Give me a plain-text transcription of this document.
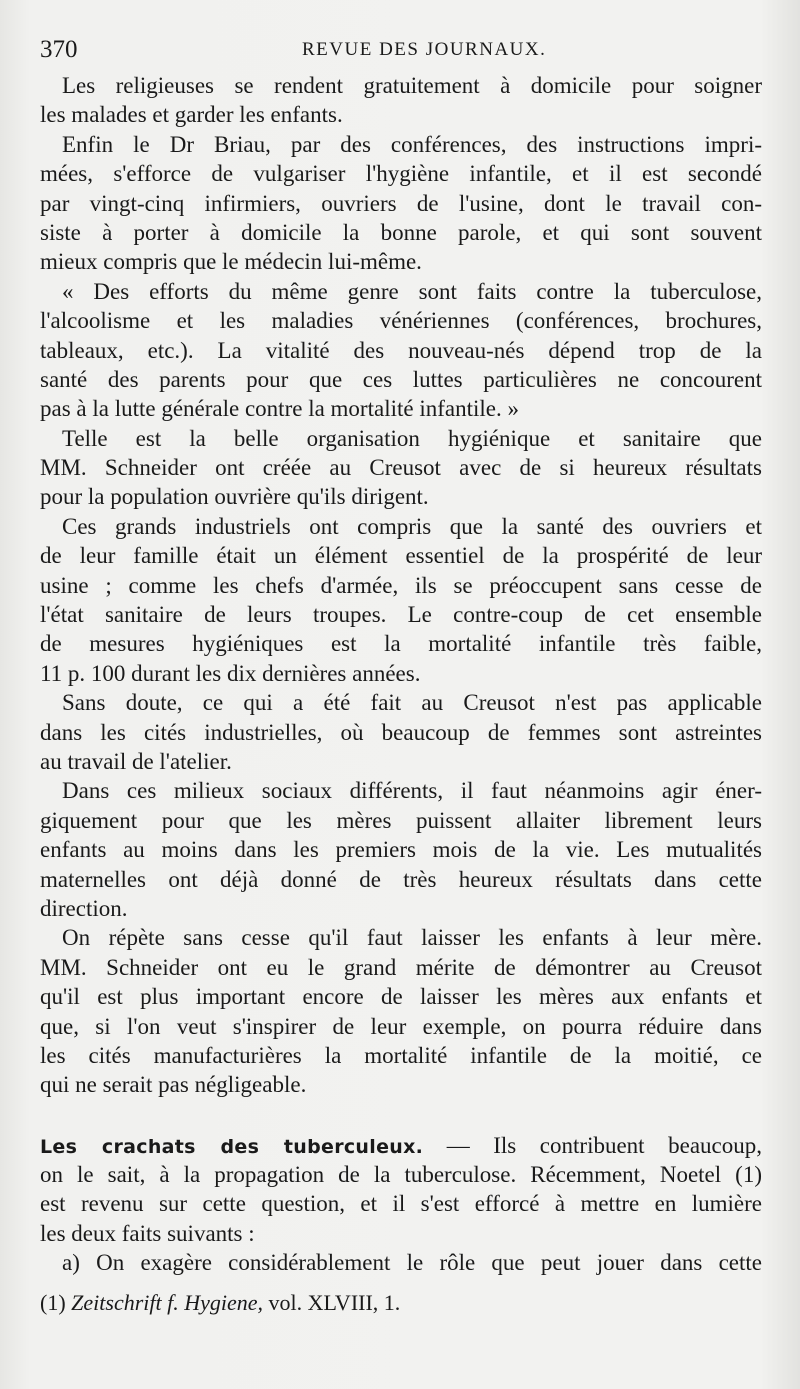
370	REVUE DES JOURNAUX.
Les religieuses se rendent gratuitement à domicile pour soigner
les malades et garder les enfants.
Enfin le Dr Briau, par des conférences, des instructions impri-
mées, s'efforce de vulgariser l'hygiène infantile, et il est secondé
par vingt-cinq infirmiers, ouvriers de l'usine, dont le travail con-
siste à porter à domicile la bonne parole, et qui sont souvent
mieux compris que le médecin lui-même.
« Des efforts du même genre sont faits contre la tuberculose,
l'alcoolisme et les maladies vénériennes (conférences, brochures,
tableaux, etc.). La vitalité des nouveau-nés dépend trop de la
santé des parents pour que ces luttes particulières ne concourent
pas à la lutte générale contre la mortalité infantile. »
Telle est la belle organisation hygiénique et sanitaire que
MM. Schneider ont créée au Creusot avec de si heureux résultats
pour la population ouvrière qu'ils dirigent.
Ces grands industriels ont compris que la santé des ouvriers et
de leur famille était un élément essentiel de la prospérité de leur
usine ; comme les chefs d'armée, ils se préoccupent sans cesse de
l'état sanitaire de leurs troupes. Le contre-coup de cet ensemble
de mesures hygiéniques est la mortalité infantile très faible,
11 p. 100 durant les dix dernières années.
Sans doute, ce qui a été fait au Creusot n'est pas applicable
dans les cités industrielles, où beaucoup de femmes sont astreintes
au travail de l'atelier.
Dans ces milieux sociaux différents, il faut néanmoins agir éner-
giquement pour que les mères puissent allaiter librement leurs
enfants au moins dans les premiers mois de la vie. Les mutualités
maternelles ont déjà donné de très heureux résultats dans cette
direction.
On répète sans cesse qu'il faut laisser les enfants à leur mère.
MM. Schneider ont eu le grand mérite de démontrer au Creusot
qu'il est plus important encore de laisser les mères aux enfants et
que, si l'on veut s'inspirer de leur exemple, on pourra réduire dans
les cités manufacturières la mortalité infantile de la moitié, ce
qui ne serait pas négligeable.
Les crachats des tuberculeux. — Ils contribuent beaucoup,
on le sait, à la propagation de la tuberculose. Récemment, Noetel (1)
est revenu sur cette question, et il s'est efforcé à mettre en lumière
les deux faits suivants :
a) On exagère considérablement le rôle que peut jouer dans cette
(1) Zeitschrift f. Hygiene, vol. XLVIII, 1.
